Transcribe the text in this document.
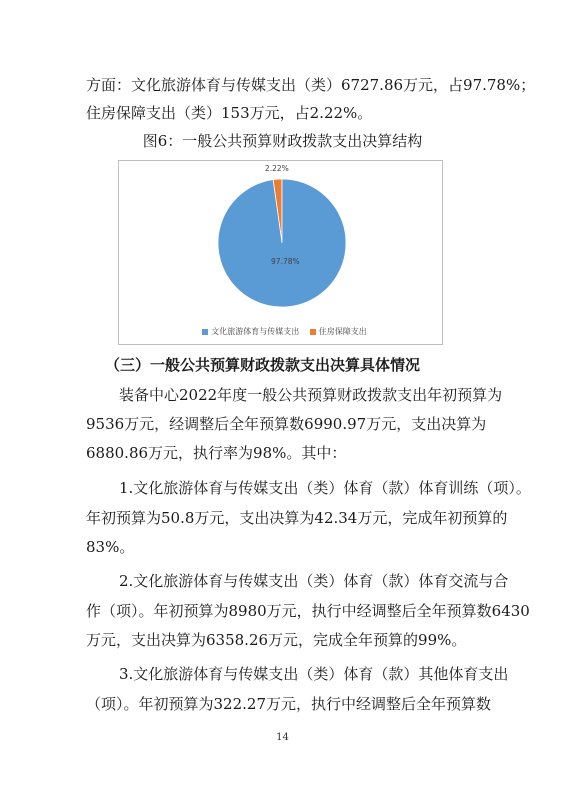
方面：文化旅游体育与传媒支出（类）6727.86万元，占97.78%；
住房保障支出（类）153万元，占2.22%。
图6：一般公共预算财政拨款支出决算结构
2.22%
97.78%
文化旅游体育与传媒支出 住房保障支出
（三）一般公共预算财政拨款支出决算具体情况
装备中心2022年度一般公共预算财政拨款支出年初预算为
9536万元，经调整后全年预算数6990.97万元，支出决算为
6880.86万元，执行率为98%。其中：
1.文化旅游体育与传媒支出（类）体育（款）体育训练（项）。
年初预算为50.8万元，支出决算为42.34万元，完成年初预算的
83%。
2.文化旅游体育与传媒支出（类）体育（款）体育交流与合
作（项）。年初预算为8980万元，执行中经调整后全年预算数6430
万元，支出决算为6358.26万元，完成全年预算的99%。
3.文化旅游体育与传媒支出（类）体育（款）其他体育支出
（项）。年初预算为322.27万元，执行中经调整后全年预算数
14
